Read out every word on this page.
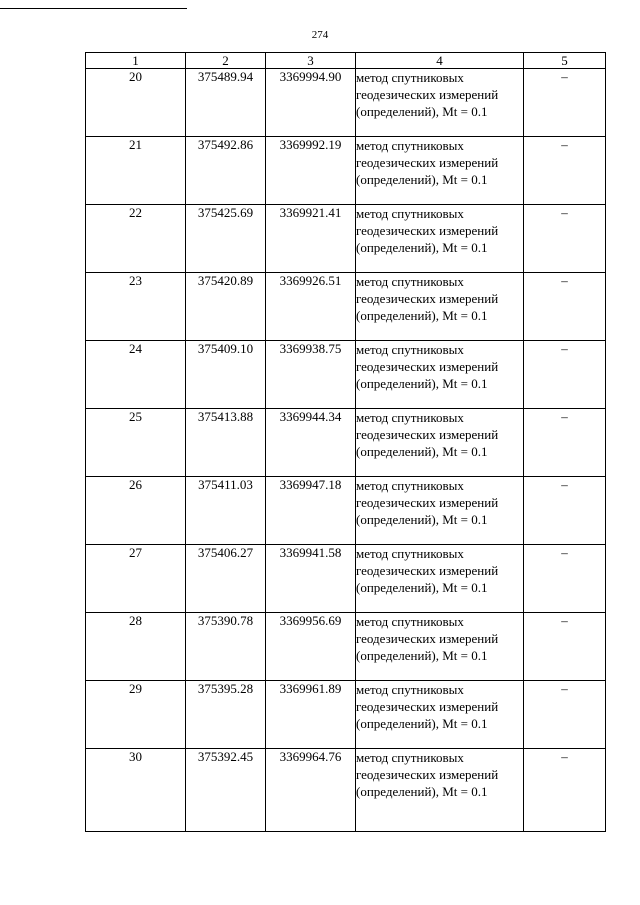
274
1	2	3	4	5
20	375489.94	3369994.90	метод спутниковых геодезических измерений (определений), Mt = 0.1	–
21	375492.86	3369992.19	метод спутниковых геодезических измерений (определений), Mt = 0.1	–
22	375425.69	3369921.41	метод спутниковых геодезических измерений (определений), Mt = 0.1	–
23	375420.89	3369926.51	метод спутниковых геодезических измерений (определений), Mt = 0.1	–
24	375409.10	3369938.75	метод спутниковых геодезических измерений (определений), Mt = 0.1	–
25	375413.88	3369944.34	метод спутниковых геодезических измерений (определений), Mt = 0.1	–
26	375411.03	3369947.18	метод спутниковых геодезических измерений (определений), Mt = 0.1	–
27	375406.27	3369941.58	метод спутниковых геодезических измерений (определений), Mt = 0.1	–
28	375390.78	3369956.69	метод спутниковых геодезических измерений (определений), Mt = 0.1	–
29	375395.28	3369961.89	метод спутниковых геодезических измерений (определений), Mt = 0.1	–
30	375392.45	3369964.76	метод спутниковых геодезических измерений (определений), Mt = 0.1	–
